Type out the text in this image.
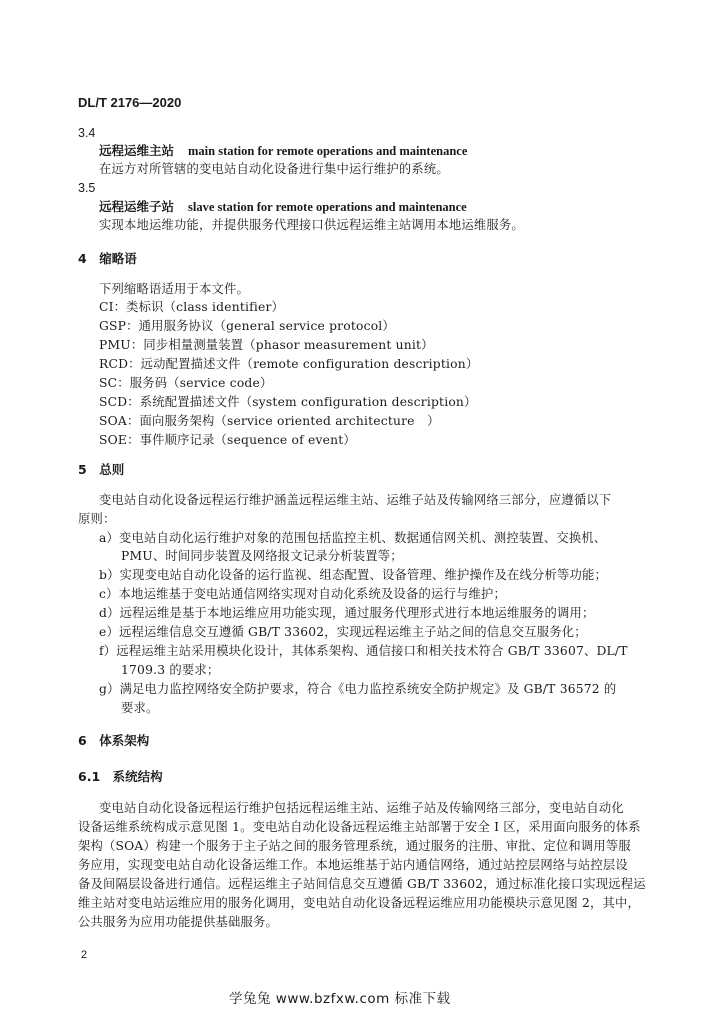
DL/T 2176—2020
3.4
远程运维主站 main station for remote operations and maintenance
在远方对所管辖的变电站自动化设备进行集中运行维护的系统。
3.5
远程运维子站 slave station for remote operations and maintenance
实现本地运维功能，并提供服务代理接口供远程运维主站调用本地运维服务。
4　缩略语
下列缩略语适用于本文件。
CI：类标识（class identifier）
GSP：通用服务协议（general service protocol）
PMU：同步相量测量装置（phasor measurement unit）
RCD：远动配置描述文件（remote configuration description）
SC：服务码（service code）
SCD：系统配置描述文件（system configuration description）
SOA：面向服务架构（service oriented architecture　）
SOE：事件顺序记录（sequence of event）
5　总则
变电站自动化设备远程运行维护涵盖远程运维主站、运维子站及传输网络三部分，应遵循以下
原则：
a）变电站自动化运行维护对象的范围包括监控主机、数据通信网关机、测控装置、交换机、
PMU、时间同步装置及网络报文记录分析装置等；
b）实现变电站自动化设备的运行监视、组态配置、设备管理、维护操作及在线分析等功能；
c）本地运维基于变电站通信网络实现对自动化系统及设备的运行与维护；
d）远程运维是基于本地运维应用功能实现，通过服务代理形式进行本地运维服务的调用；
e）远程运维信息交互遵循 GB/T 33602，实现远程运维主子站之间的信息交互服务化；
f）远程运维主站采用模块化设计，其体系架构、通信接口和相关技术符合 GB/T 33607、DL/T
1709.3 的要求；
g）满足电力监控网络安全防护要求，符合《电力监控系统安全防护规定》及 GB/T 36572 的
要求。
6　体系架构
6.1　系统结构
变电站自动化设备远程运行维护包括远程运维主站、运维子站及传输网络三部分，变电站自动化
设备运维系统构成示意见图 1。变电站自动化设备远程运维主站部署于安全 I 区，采用面向服务的体系
架构（SOA）构建一个服务于主子站之间的服务管理系统，通过服务的注册、审批、定位和调用等服
务应用，实现变电站自动化设备运维工作。本地运维基于站内通信网络，通过站控层网络与站控层设
备及间隔层设备进行通信。远程运维主子站间信息交互遵循 GB/T 33602，通过标准化接口实现远程运
维主站对变电站运维应用的服务化调用，变电站自动化设备远程运维应用功能模块示意见图 2，其中，
公共服务为应用功能提供基础服务。
2
学兔兔 www.bzfxw.com 标准下载
